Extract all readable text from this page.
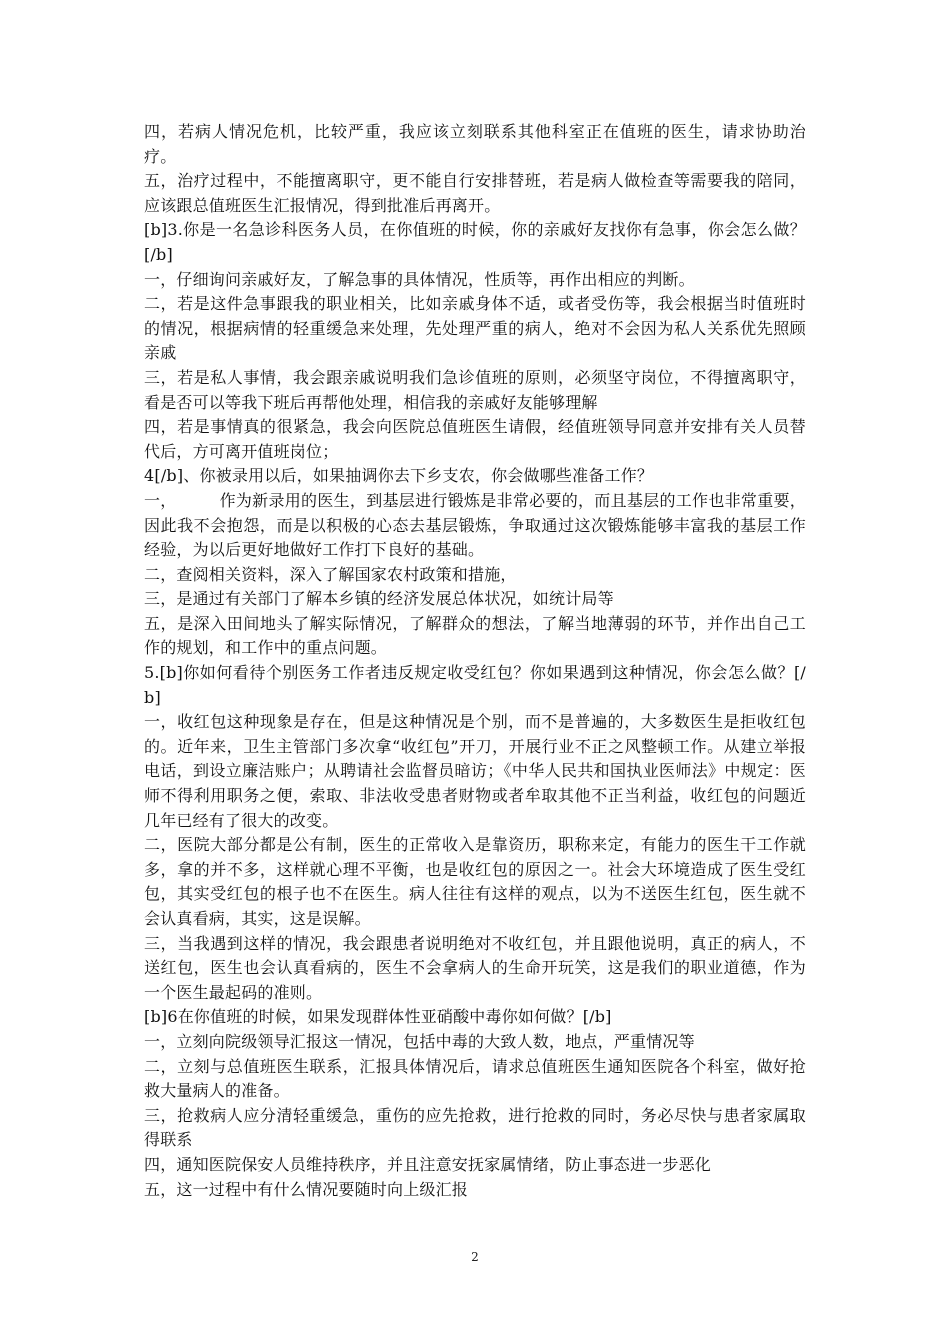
四，若病人情况危机，比较严重，我应该立刻联系其他科室正在值班的医生，请求协助治疗。

五，治疗过程中，不能擅离职守，更不能自行安排替班，若是病人做检查等需要我的陪同，应该跟总值班医生汇报情况，得到批准后再离开。

[b]3.你是一名急诊科医务人员，在你值班的时候，你的亲戚好友找你有急事，你会怎么做？[/b]

一，仔细询问亲戚好友，了解急事的具体情况，性质等，再作出相应的判断。

二，若是这件急事跟我的职业相关，比如亲戚身体不适，或者受伤等，我会根据当时值班时的情况，根据病情的轻重缓急来处理，先处理严重的病人，绝对不会因为私人关系优先照顾亲戚

三，若是私人事情，我会跟亲戚说明我们急诊值班的原则，必须坚守岗位，不得擅离职守，看是否可以等我下班后再帮他处理，相信我的亲戚好友能够理解

四，若是事情真的很紧急，我会向医院总值班医生请假，经值班领导同意并安排有关人员替代后，方可离开值班岗位；

4[/b]、你被录用以后，如果抽调你去下乡支农，你会做哪些准备工作？

一，        作为新录用的医生，到基层进行锻炼是非常必要的，而且基层的工作也非常重要，因此我不会抱怨，而是以积极的心态去基层锻炼，争取通过这次锻炼能够丰富我的基层工作经验，为以后更好地做好工作打下良好的基础。

二，查阅相关资料，深入了解国家农村政策和措施，

三，是通过有关部门了解本乡镇的经济发展总体状况，如统计局等

五，是深入田间地头了解实际情况，了解群众的想法，了解当地薄弱的环节，并作出自己工作的规划，和工作中的重点问题。

5.[b]你如何看待个别医务工作者违反规定收受红包？你如果遇到这种情况，你会怎么做？[/b]

一，收红包这种现象是存在，但是这种情况是个别，而不是普遍的，大多数医生是拒收红包的。近年来，卫生主管部门多次拿“收红包”开刀，开展行业不正之风整顿工作。从建立举报电话，到设立廉洁账户；从聘请社会监督员暗访；《中华人民共和国执业医师法》中规定：医师不得利用职务之便，索取、非法收受患者财物或者牟取其他不正当利益，收红包的问题近几年已经有了很大的改变。

二，医院大部分都是公有制，医生的正常收入是靠资历，职称来定，有能力的医生干工作就多，拿的并不多，这样就心理不平衡，也是收红包的原因之一。社会大环境造成了医生受红包，其实受红包的根子也不在医生。病人往往有这样的观点，以为不送医生红包，医生就不会认真看病，其实，这是误解。

三，当我遇到这样的情况，我会跟患者说明绝对不收红包，并且跟他说明，真正的病人，不送红包，医生也会认真看病的，医生不会拿病人的生命开玩笑，这是我们的职业道德，作为一个医生最起码的准则。

[b]6在你值班的时候，如果发现群体性亚硝酸中毒你如何做？[/b]

一，立刻向院级领导汇报这一情况，包括中毒的大致人数，地点，严重情况等

二，立刻与总值班医生联系，汇报具体情况后，请求总值班医生通知医院各个科室，做好抢救大量病人的准备。

三，抢救病人应分清轻重缓急，重伤的应先抢救，进行抢救的同时，务必尽快与患者家属取得联系

四，通知医院保安人员维持秩序，并且注意安抚家属情绪，防止事态进一步恶化

五，这一过程中有什么情况要随时向上级汇报

2
